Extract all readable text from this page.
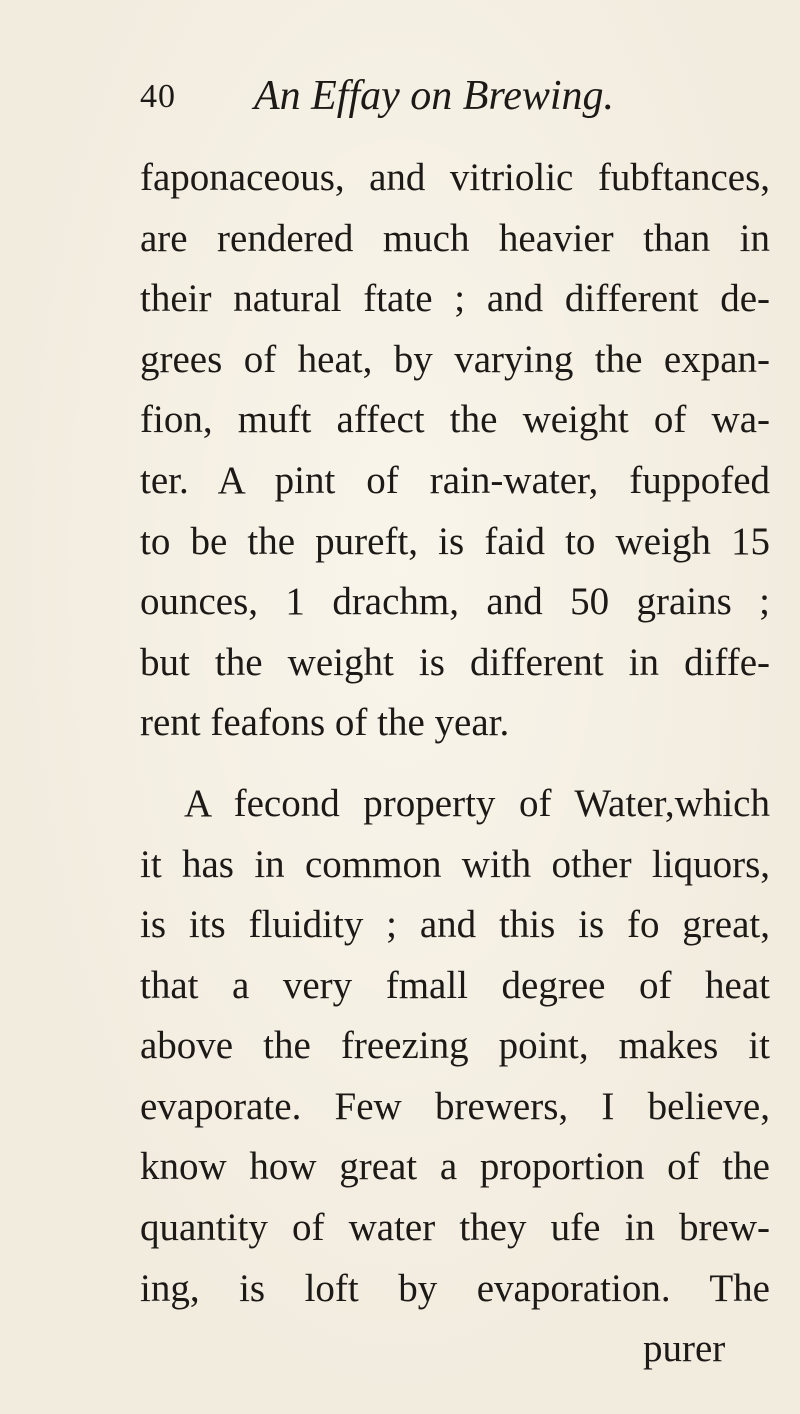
40 An Effay on Brewing.
faponaceous, and vitriolic fubftances,
are rendered much heavier than in
their natural ftate ; and different de-
grees of heat, by varying the expan-
fion, muft affect the weight of wa-
ter. A pint of rain-water, fuppofed
to be the pureft, is faid to weigh 15
ounces, 1 drachm, and 50 grains ;
but the weight is different in diffe-
rent feafons of the year.
A fecond property of Water,which
it has in common with other liquors,
is its fluidity ; and this is fo great,
that a very fmall degree of heat
above the freezing point, makes it
evaporate. Few brewers, I believe,
know how great a proportion of the
quantity of water they ufe in brew-
ing, is loft by evaporation. The
purer
